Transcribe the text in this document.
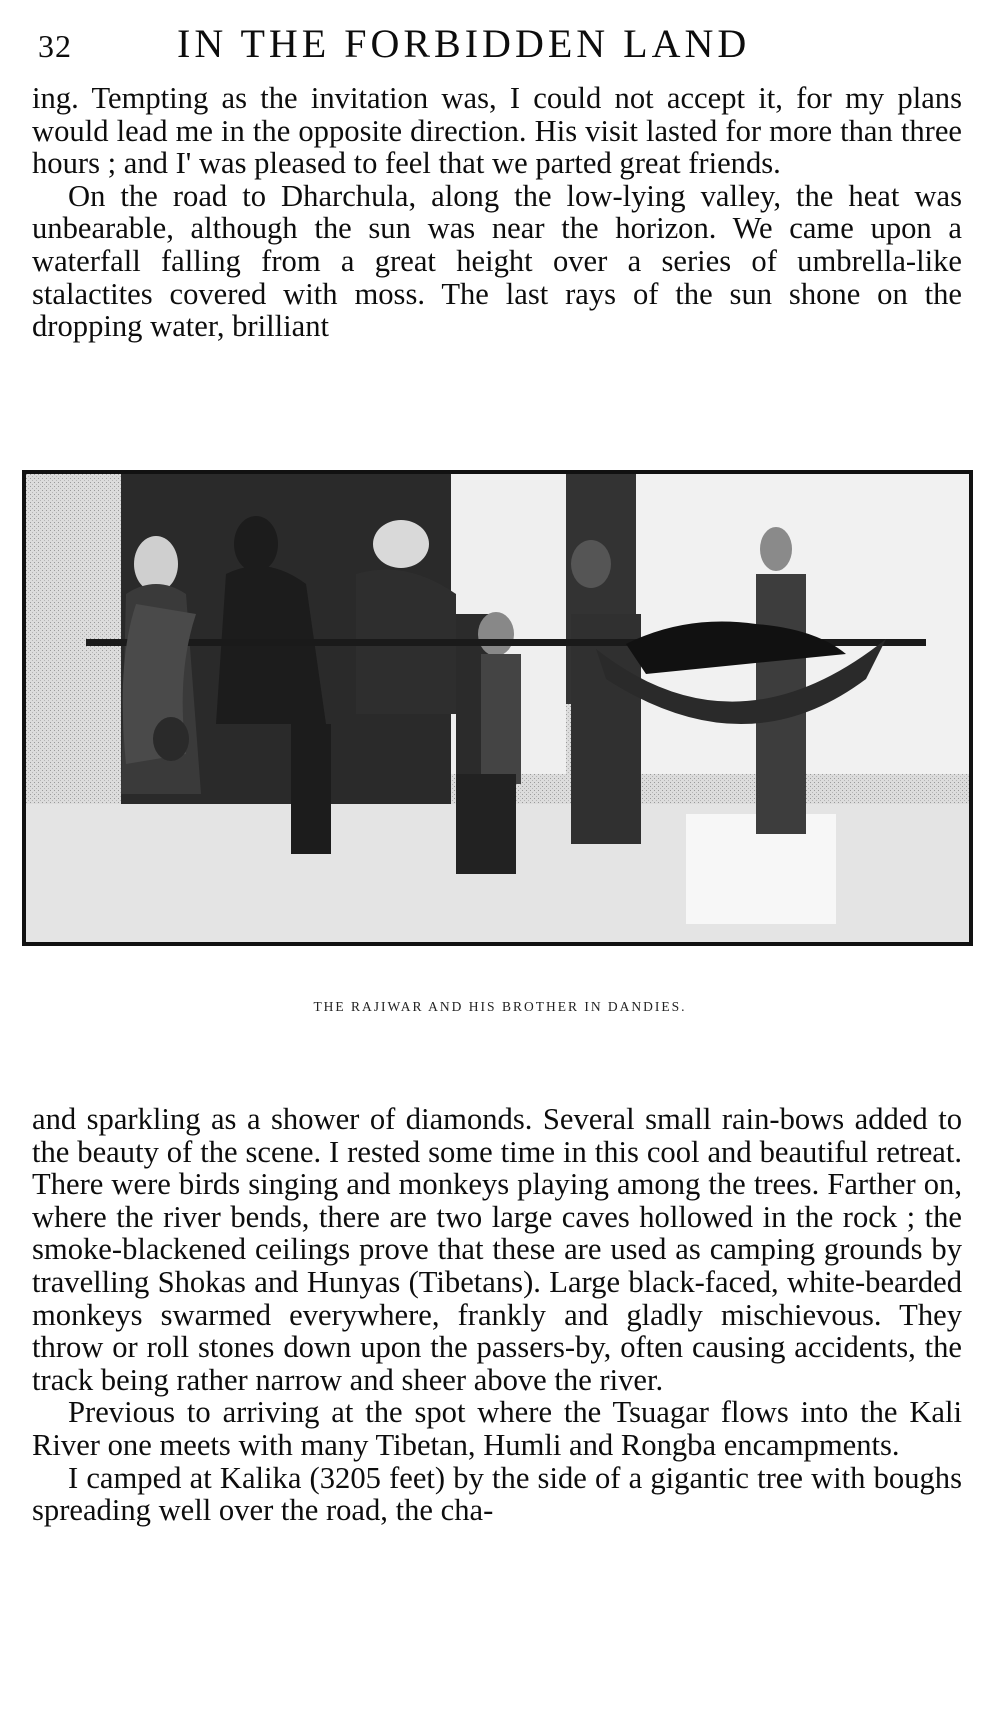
32	IN THE FORBIDDEN LAND

ing. Tempting as the invitation was, I could not accept it, for my plans would lead me in the opposite direction. His visit lasted for more than three hours ; and I' was pleased to feel that we parted great friends.

On the road to Dharchula, along the low-lying valley, the heat was unbearable, although the sun was near the horizon. We came upon a waterfall falling from a great height over a series of umbrella-like stalactites covered with moss. The last rays of the sun shone on the dropping water, brilliant

THE RAJIWAR AND HIS BROTHER IN DANDIES.

and sparkling as a shower of diamonds. Several small rain-bows added to the beauty of the scene. I rested some time in this cool and beautiful retreat. There were birds singing and monkeys playing among the trees. Farther on, where the river bends, there are two large caves hollowed in the rock ; the smoke-blackened ceilings prove that these are used as camping grounds by travelling Shokas and Hunyas (Tibetans). Large black-faced, white-bearded monkeys swarmed everywhere, frankly and gladly mischievous. They throw or roll stones down upon the passers-by, often causing accidents, the track being rather narrow and sheer above the river.

Previous to arriving at the spot where the Tsuagar flows into the Kali River one meets with many Tibetan, Humli and Rongba encampments.

I camped at Kalika (3205 feet) by the side of a gigantic tree with boughs spreading well over the road, the cha-
